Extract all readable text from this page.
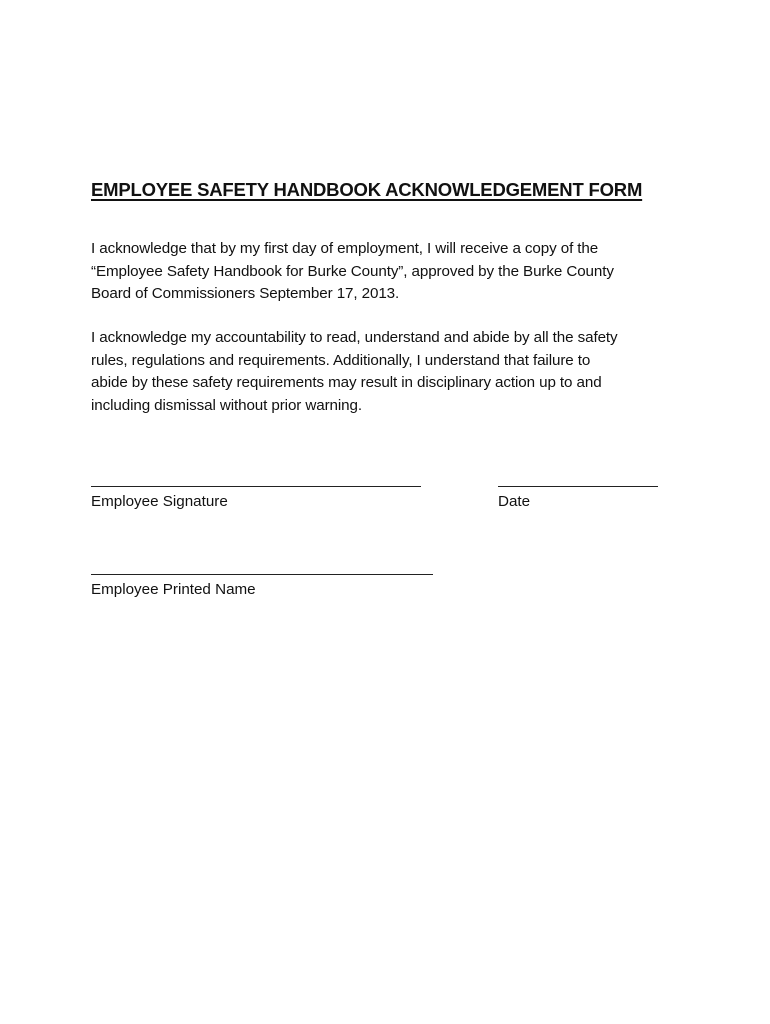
EMPLOYEE SAFETY HANDBOOK ACKNOWLEDGEMENT FORM

I acknowledge that by my first day of employment, I will receive a copy of the
“Employee Safety Handbook for Burke County”, approved by the Burke County
Board of Commissioners September 17, 2013.

I acknowledge my accountability to read, understand and abide by all the safety
rules, regulations and requirements. Additionally, I understand that failure to
abide by these safety requirements may result in disciplinary action up to and
including dismissal without prior warning.

Employee Signature	Date
Employee Printed Name
